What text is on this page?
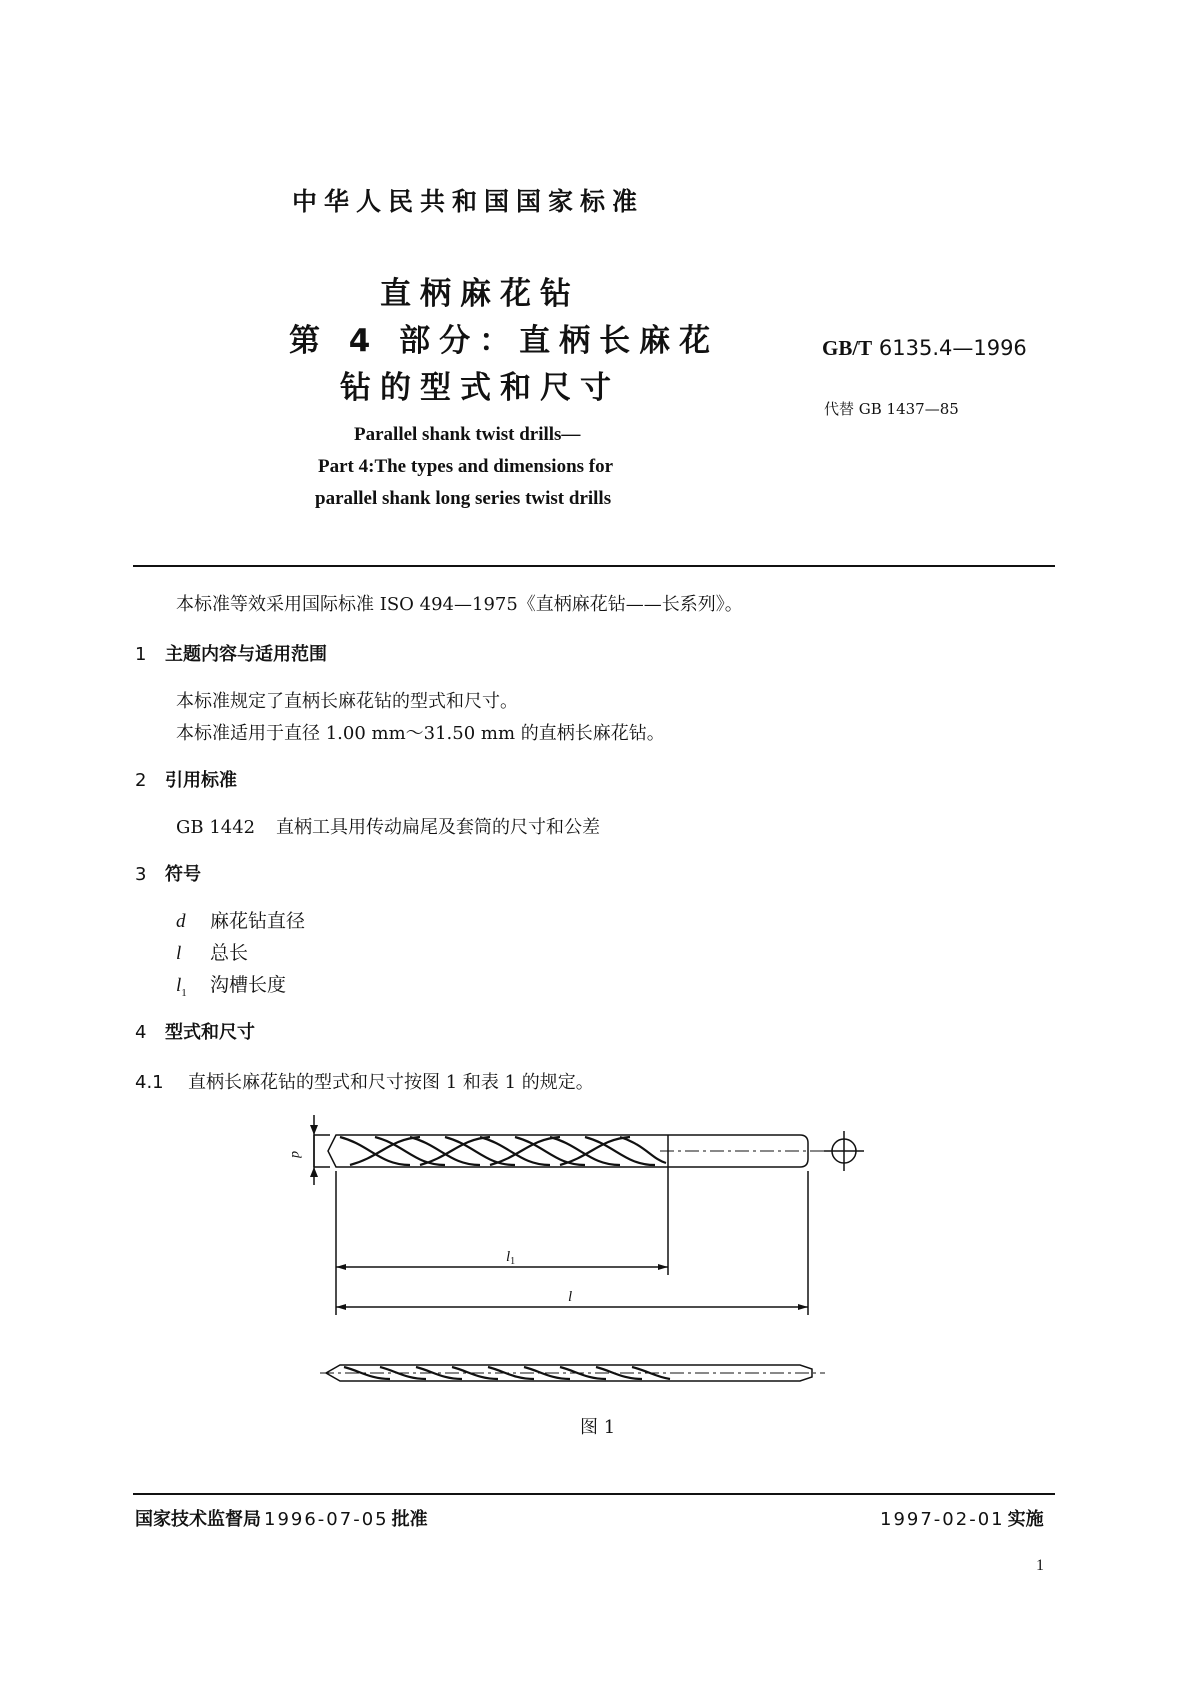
中华人民共和国国家标准
直柄麻花钻
第 4 部分：直柄长麻花
钻的型式和尺寸
Parallel shank twist drills—
Part 4:The types and dimensions for
parallel shank long series twist drills
GB/T 6135.4—1996
代替 GB 1437—85
本标准等效采用国际标准 ISO 494—1975《直柄麻花钻——长系列》。
1 主题内容与适用范围
本标准规定了直柄长麻花钻的型式和尺寸。
本标准适用于直径 1.00 mm～31.50 mm 的直柄长麻花钻。
2 引用标准
GB 1442 直柄工具用传动扁尾及套筒的尺寸和公差
3 符号
d 麻花钻直径
l 总长
$l_1$ 沟槽长度
4 型式和尺寸
4.1 直柄长麻花钻的型式和尺寸按图 1 和表 1 的规定。
d
$l_1$
l
图 1
国家技术监督局 1996-07-05 批准	1997-02-01 实施
1
